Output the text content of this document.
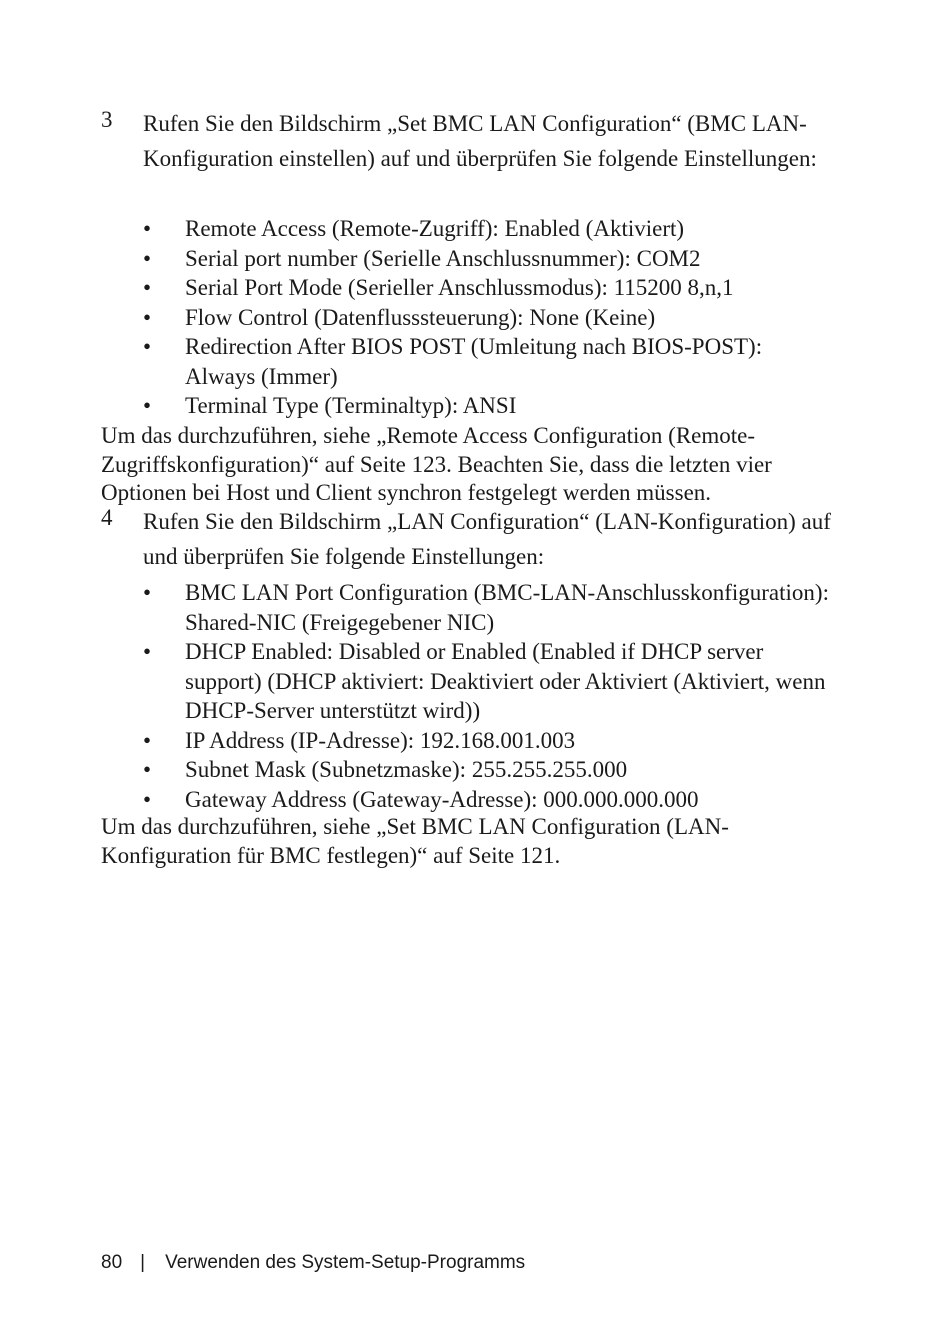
3 Rufen Sie den Bildschirm „Set BMC LAN Configuration“ (BMC LAN-Konfiguration einstellen) auf und überprüfen Sie folgende Einstellungen:
• Remote Access (Remote-Zugriff): Enabled (Aktiviert)
• Serial port number (Serielle Anschlussnummer): COM2
• Serial Port Mode (Serieller Anschlussmodus): 115200 8,n,1
• Flow Control (Datenflusssteuerung): None (Keine)
• Redirection After BIOS POST (Umleitung nach BIOS-POST): Always (Immer)
• Terminal Type (Terminaltyp): ANSI
Um das durchzuführen, siehe „Remote Access Configuration (Remote-Zugriffskonfiguration)“ auf Seite 123. Beachten Sie, dass die letzten vier Optionen bei Host und Client synchron festgelegt werden müssen.
4 Rufen Sie den Bildschirm „LAN Configuration“ (LAN-Konfiguration) auf und überprüfen Sie folgende Einstellungen:
• BMC LAN Port Configuration (BMC-LAN-Anschlusskonfiguration): Shared-NIC (Freigegebener NIC)
• DHCP Enabled: Disabled or Enabled (Enabled if DHCP server support) (DHCP aktiviert: Deaktiviert oder Aktiviert (Aktiviert, wenn DHCP-Server unterstützt wird))
• IP Address (IP-Adresse): 192.168.001.003
• Subnet Mask (Subnetzmaske): 255.255.255.000
• Gateway Address (Gateway-Adresse): 000.000.000.000
Um das durchzuführen, siehe „Set BMC LAN Configuration (LAN-Konfiguration für BMC festlegen)“ auf Seite 121.
80 | Verwenden des System-Setup-Programms
